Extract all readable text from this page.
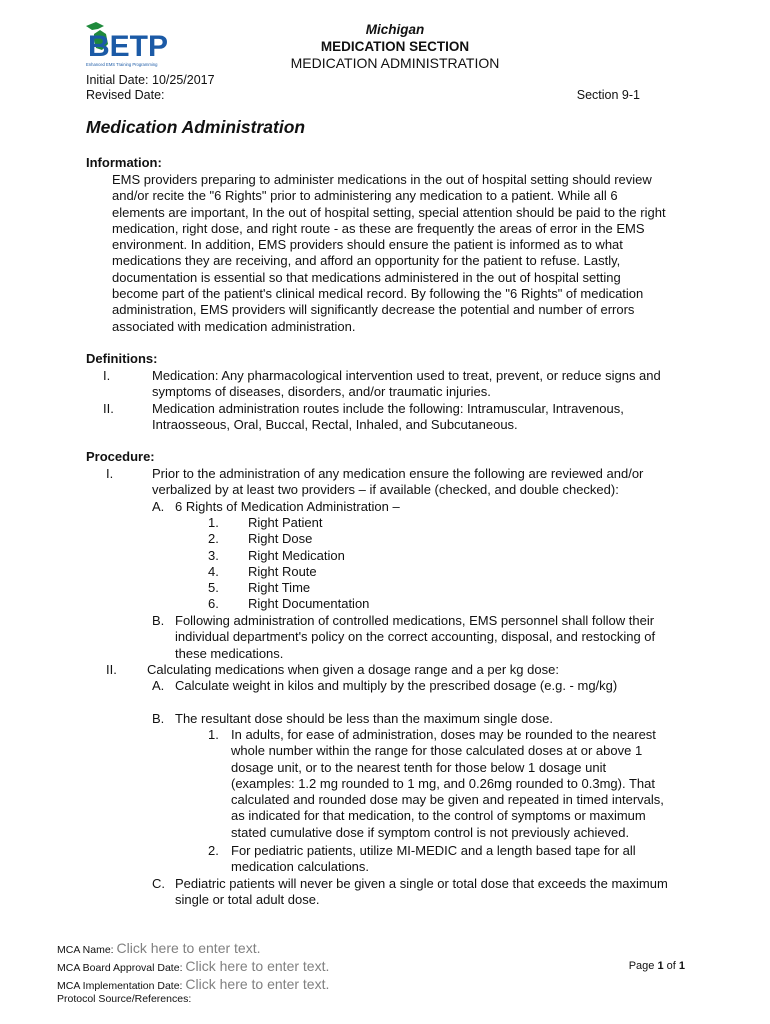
BETP
Enhanced EMS Training Programming
Michigan
MEDICATION SECTION
MEDICATION ADMINISTRATION
Initial Date: 10/25/2017
Revised Date:	Section 9-1
Medication Administration
Information:
EMS providers preparing to administer medications in the out of hospital setting should review
and/or recite the "6 Rights" prior to administering any medication to a patient. While all 6
elements are important, In the out of hospital setting, special attention should be paid to the right
medication, right dose, and right route - as these are frequently the areas of error in the EMS
environment. In addition, EMS providers should ensure the patient is informed as to what
medications they are receiving, and afford an opportunity for the patient to refuse. Lastly,
documentation is essential so that medications administered in the out of hospital setting
become part of the patient's clinical medical record. By following the "6 Rights" of medication
administration, EMS providers will significantly decrease the potential and number of errors
associated with medication administration.
Definitions:
I.	Medication: Any pharmacological intervention used to treat, prevent, or reduce signs and
symptoms of diseases, disorders, and/or traumatic injuries.
II.	Medication administration routes include the following: Intramuscular, Intravenous,
Intraosseous, Oral, Buccal, Rectal, Inhaled, and Subcutaneous.
Procedure:
I.	Prior to the administration of any medication ensure the following are reviewed and/or
verbalized by at least two providers – if available (checked, and double checked):
A. 6 Rights of Medication Administration –
1. Right Patient
2. Right Dose
3. Right Medication
4. Right Route
5. Right Time
6. Right Documentation
B. Following administration of controlled medications, EMS personnel shall follow their
individual department's policy on the correct accounting, disposal, and restocking of
these medications.
II. Calculating medications when given a dosage range and a per kg dose:
A. Calculate weight in kilos and multiply by the prescribed dosage (e.g. - mg/kg)
B. The resultant dose should be less than the maximum single dose.
1. In adults, for ease of administration, doses may be rounded to the nearest
whole number within the range for those calculated doses at or above 1
dosage unit, or to the nearest tenth for those below 1 dosage unit
(examples: 1.2 mg rounded to 1 mg, and 0.26mg rounded to 0.3mg). That
calculated and rounded dose may be given and repeated in timed intervals,
as indicated for that medication, to the control of symptoms or maximum
stated cumulative dose if symptom control is not previously achieved.
2. For pediatric patients, utilize MI-MEDIC and a length based tape for all
medication calculations.
C. Pediatric patients will never be given a single or total dose that exceeds the maximum
single or total adult dose.
MCA Name: Click here to enter text.
MCA Board Approval Date: Click here to enter text.
MCA Implementation Date: Click here to enter text.
Protocol Source/References:
Page 1 of 1
